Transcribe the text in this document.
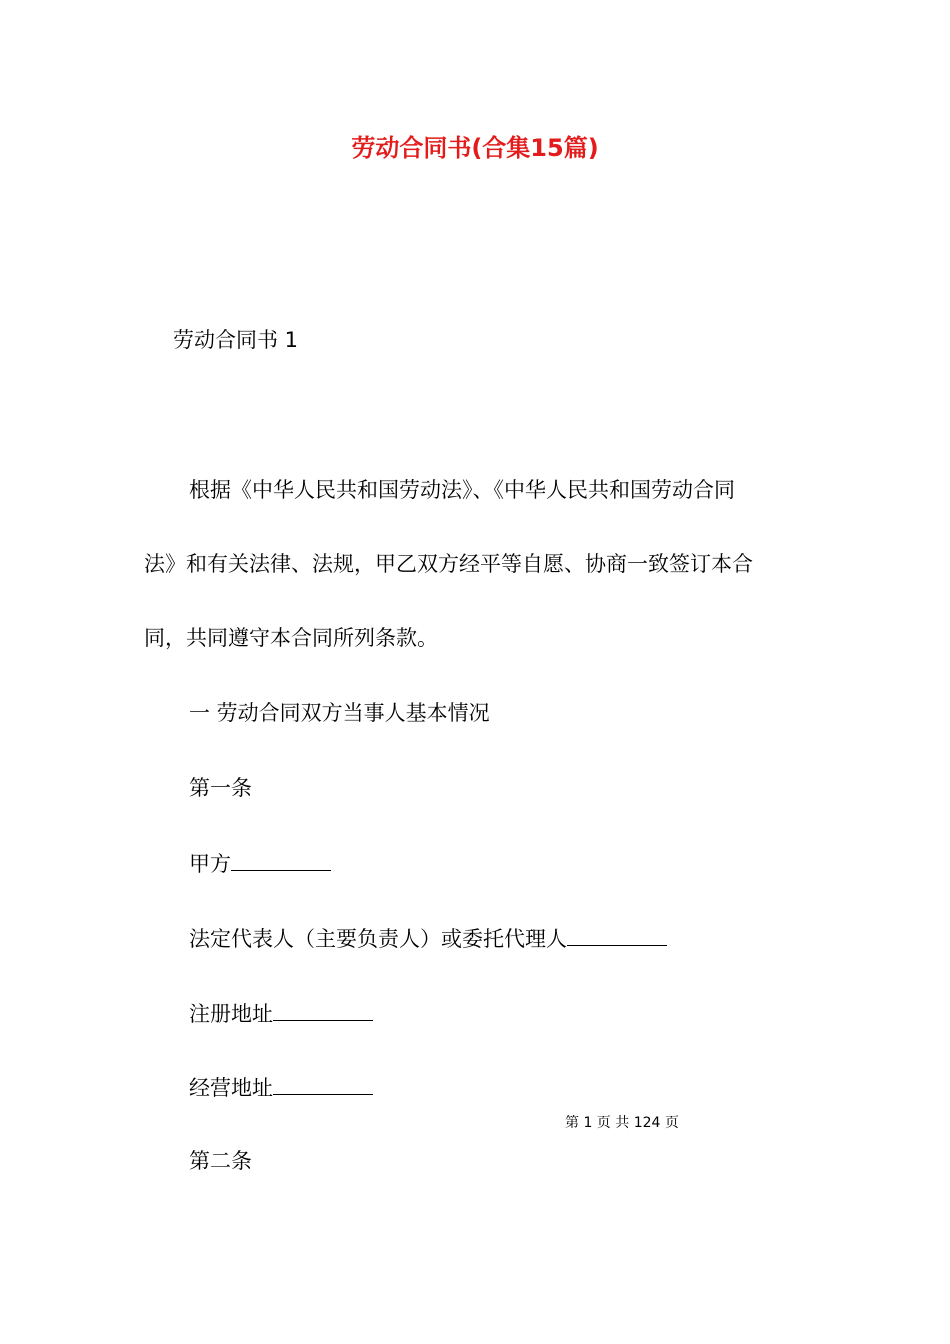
劳动合同书(合集15篇)
劳动合同书 1
根据《中华人民共和国劳动法》、《中华人民共和国劳动合同
法》和有关法律、法规，甲乙双方经平等自愿、协商一致签订本合
同，共同遵守本合同所列条款。
一 劳动合同双方当事人基本情况
第一条
甲方
法定代表人（主要负责人）或委托代理人
注册地址
经营地址
第 1 页 共 124 页
第二条
